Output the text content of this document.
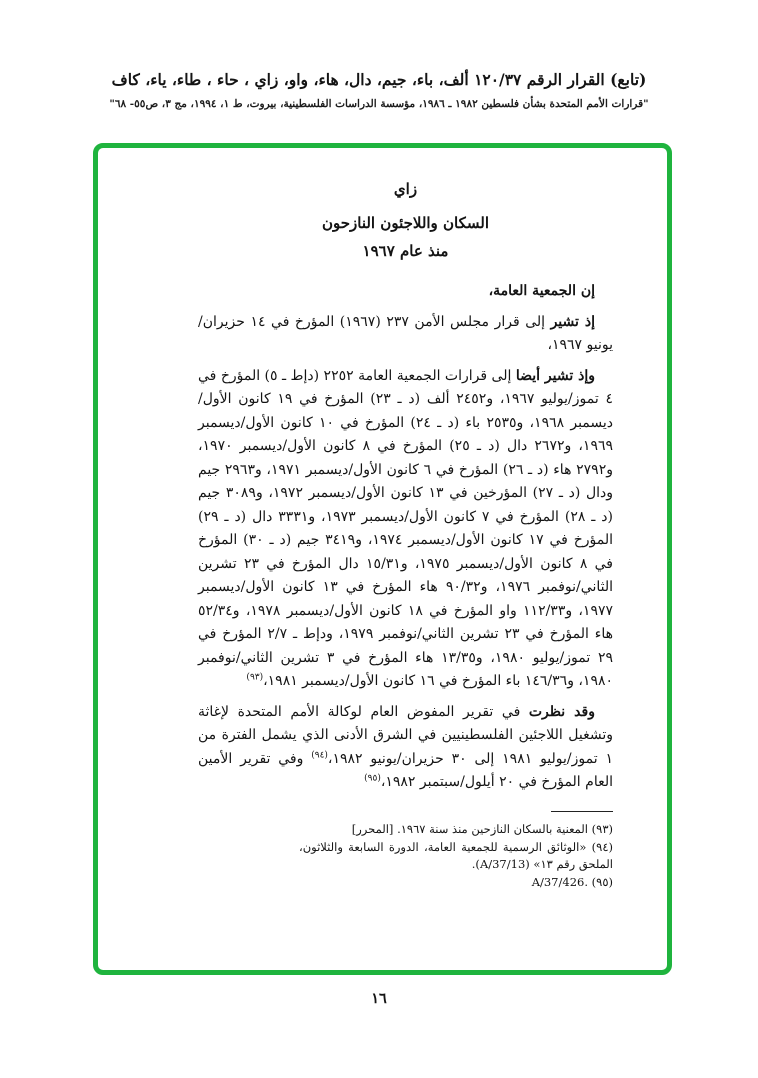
(تابع) القرار الرقم ١٢٠/٣٧ ألف، باء، جيم، دال، هاء، واو، زاي ، حاء ، طاء، ياء، كاف
"قرارات الأمم المتحدة بشأن فلسطين ١٩٨٢ ـ ١٩٨٦، مؤسسة الدراسات الفلسطينية، بيروت، ط ١، ١٩٩٤، مج ٣، ص٥٥- ٦٨"
زاي
السكان واللاجئون النازحون
منذ عام ١٩٦٧
إن الجمعية العامة،
إذ تشير إلى قرار مجلس الأمن ٢٣٧ (١٩٦٧) المؤرخ في ١٤ حزيران/يونيو ١٩٦٧،
وإذ تشير أيضا إلى قرارات الجمعية العامة ٢٢٥٢ (دإط ـ ٥) المؤرخ في ٤ تموز/يوليو ١٩٦٧، و٢٤٥٢ ألف (د ـ ٢٣) المؤرخ في ١٩ كانون الأول/ديسمبر ١٩٦٨، و٢٥٣٥ باء (د ـ ٢٤) المؤرخ في ١٠ كانون الأول/ديسمبر ١٩٦٩، و٢٦٧٢ دال (د ـ ٢٥) المؤرخ في ٨ كانون الأول/ديسمبر ١٩٧٠، و٢٧٩٢ هاء (د ـ ٢٦) المؤرخ في ٦ كانون الأول/ديسمبر ١٩٧١، و٢٩٦٣ جيم ودال (د ـ ٢٧) المؤرخين في ١٣ كانون الأول/ديسمبر ١٩٧٢، و٣٠٨٩ جيم (د ـ ٢٨) المؤرخ في ٧ كانون الأول/ديسمبر ١٩٧٣، و٣٣٣١ دال (د ـ ٢٩) المؤرخ في ١٧ كانون الأول/ديسمبر ١٩٧٤، و٣٤١٩ جيم (د ـ ٣٠) المؤرخ في ٨ كانون الأول/ديسمبر ١٩٧٥، و١٥/٣١ دال المؤرخ في ٢٣ تشرين الثاني/نوفمبر ١٩٧٦، و٩٠/٣٢ هاء المؤرخ في ١٣ كانون الأول/ديسمبر ١٩٧٧، و١١٢/٣٣ واو المؤرخ في ١٨ كانون الأول/ديسمبر ١٩٧٨، و٥٢/٣٤ هاء المؤرخ في ٢٣ تشرين الثاني/نوفمبر ١٩٧٩، ودإط ـ ٢/٧ المؤرخ في ٢٩ تموز/يوليو ١٩٨٠، و١٣/٣٥ هاء المؤرخ في ٣ تشرين الثاني/نوفمبر ١٩٨٠، و١٤٦/٣٦ باء المؤرخ في ١٦ كانون الأول/ديسمبر ١٩٨١،$^{(٩٣)}$
وقد نظرت في تقرير المفوض العام لوكالة الأمم المتحدة لإغاثة وتشغيل اللاجئين الفلسطينيين في الشرق الأدنى الذي يشمل الفترة من ١ تموز/يوليو ١٩٨١ إلى ٣٠ حزيران/يونيو ١٩٨٢،$^{(٩٤)}$ وفي تقرير الأمين العام المؤرخ في ٢٠ أيلول/سبتمبر ١٩٨٢،$^{(٩٥)}$
(٩٣) المعنية بالسكان النازحين منذ سنة ١٩٦٧. [المحرر]
(٩٤) «الوثائق الرسمية للجمعية العامة، الدورة السابعة والثلاثون، الملحق رقم ١٣» (A/37/13).
(٩٥) A/37/426.‎
١٦
